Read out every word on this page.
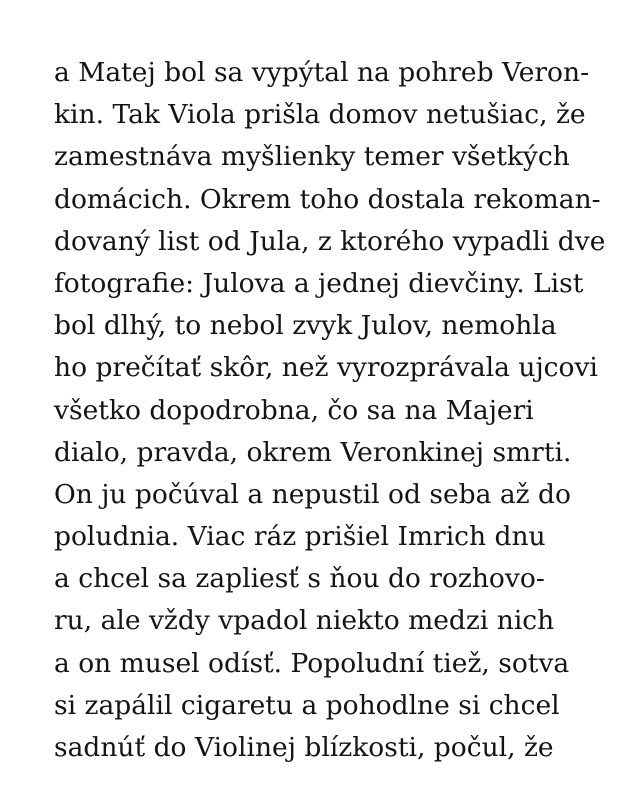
a Matej bol sa vypýtal na pohreb Veron-
kin. Tak Viola prišla domov netušiac, že
zamestnáva myšlienky temer všetkých
domácich. Okrem toho dostala rekoman-
dovaný list od Jula, z ktorého vypadli dve
fotografie: Julova a jednej dievčiny. List
bol dlhý, to nebol zvyk Julov, nemohla
ho prečítať skôr, než vyrozprávala ujcovi
všetko dopodrobna, čo sa na Majeri
dialo, pravda, okrem Veronkinej smrti.
On ju počúval a nepustil od seba až do
poludnia. Viac ráz prišiel Imrich dnu
a chcel sa zapliesť s ňou do rozhovo-
ru, ale vždy vpadol niekto medzi nich
a on musel odísť. Popoludní tiež, sotva
si zapálil cigaretu a pohodlne si chcel
sadnúť do Violinej blízkosti, počul, že
